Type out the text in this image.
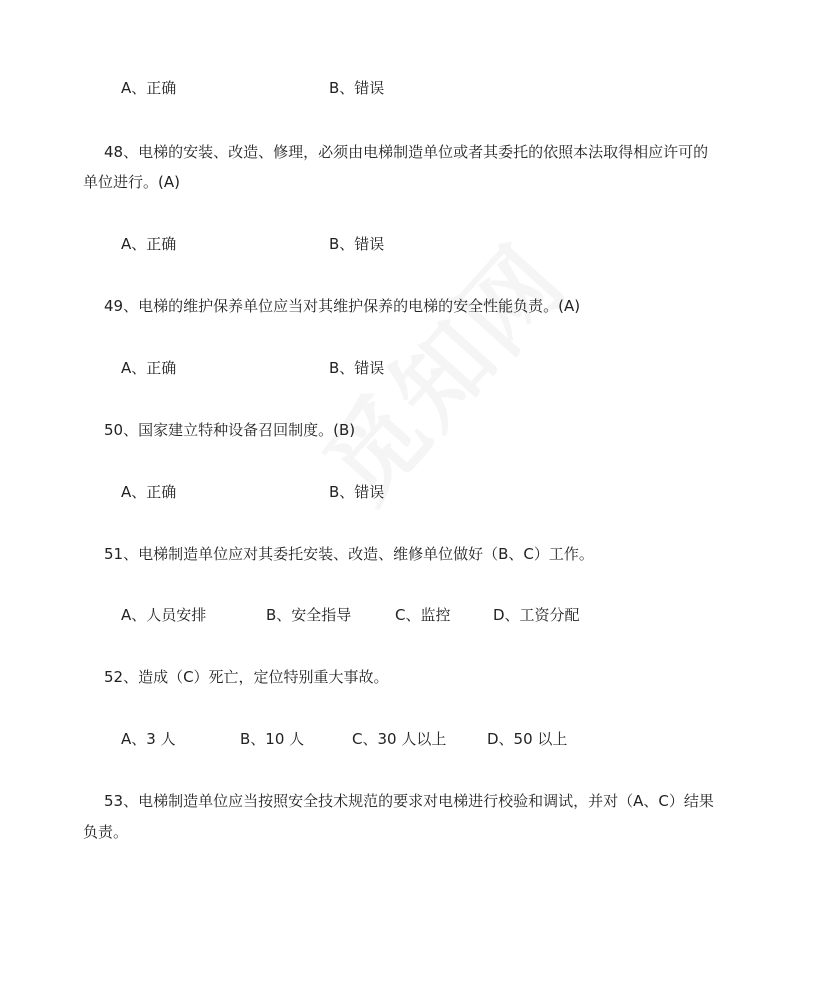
A、正确	B、错误
48、电梯的安装、改造、修理，必须由电梯制造单位或者其委托的依照本法取得相应许可的
单位进行。(A)
A、正确	B、错误
49、电梯的维护保养单位应当对其维护保养的电梯的安全性能负责。(A)
A、正确	B、错误
50、国家建立特种设备召回制度。(B)
A、正确	B、错误
51、电梯制造单位应对其委托安装、改造、维修单位做好（B、C）工作。
A、人员安排	B、安全指导	C、监控	D、工资分配
52、造成（C）死亡，定位特别重大事故。
A、3 人	B、10 人	C、30 人以上	D、50 以上
53、电梯制造单位应当按照安全技术规范的要求对电梯进行校验和调试，并对（A、C）结果
负责。
